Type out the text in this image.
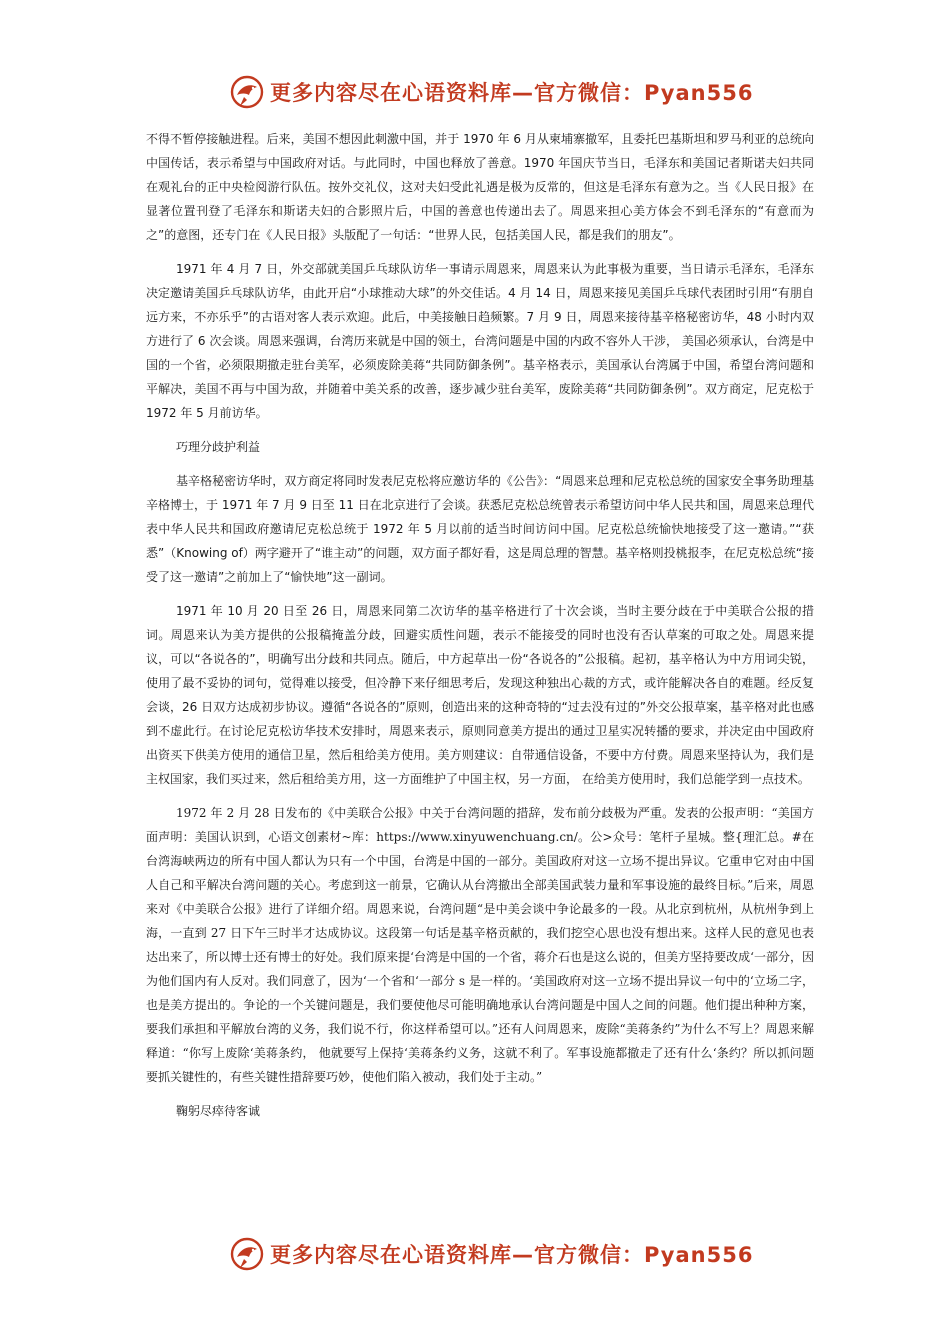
更多内容尽在心语资料库—官方微信：Pyan556

不得不暂停接触进程。后来，美国不想因此刺激中国，并于 1970 年 6 月从柬埔寨撤军，且委托巴基斯坦和罗马利亚的总统向中国传话，表示希望与中国政府对话。与此同时，中国也释放了善意。1970 年国庆节当日，毛泽东和美国记者斯诺夫妇共同在观礼台的正中央检阅游行队伍。按外交礼仪，这对夫妇受此礼遇是极为反常的，但这是毛泽东有意为之。当《人民日报》在显著位置刊登了毛泽东和斯诺夫妇的合影照片后，中国的善意也传递出去了。周恩来担心美方体会不到毛泽东的“有意而为之”的意图，还专门在《人民日报》头版配了一句话：“世界人民，包括美国人民，都是我们的朋友”。

1971 年 4 月 7 日，外交部就美国乒乓球队访华一事请示周恩来，周恩来认为此事极为重要，当日请示毛泽东，毛泽东决定邀请美国乒乓球队访华，由此开启“小球推动大球”的外交佳话。4 月 14 日，周恩来接见美国乒乓球代表团时引用“有朋自远方来，不亦乐乎”的古语对客人表示欢迎。此后，中美接触日趋频繁。7 月 9 日，周恩来接待基辛格秘密访华，48 小时内双方进行了 6 次会谈。周恩来强调，台湾历来就是中国的领土，台湾问题是中国的内政不容外人干涉， 美国必须承认，台湾是中国的一个省，必须限期撤走驻台美军，必须废除美蒋“共同防御条例”。基辛格表示，美国承认台湾属于中国，希望台湾问题和平解决，美国不再与中国为敌，并随着中美关系的改善，逐步减少驻台美军，废除美蒋“共同防御条例”。双方商定，尼克松于 1972 年 5 月前访华。

巧理分歧护利益

基辛格秘密访华时，双方商定将同时发表尼克松将应邀访华的《公告》：“周恩来总理和尼克松总统的国家安全事务助理基辛格博士，于 1971 年 7 月 9 日至 11 日在北京进行了会谈。获悉尼克松总统曾表示希望访问中华人民共和国，周恩来总理代表中华人民共和国政府邀请尼克松总统于 1972 年 5 月以前的适当时间访问中国。尼克松总统愉快地接受了这一邀请。”“获悉”（Knowing of）两字避开了“谁主动”的问题，双方面子都好看，这是周总理的智慧。基辛格则投桃报李，在尼克松总统“接受了这一邀请”之前加上了“愉快地”这一副词。

1971 年 10 月 20 日至 26 日，周恩来同第二次访华的基辛格进行了十次会谈，当时主要分歧在于中美联合公报的措词。周恩来认为美方提供的公报稿掩盖分歧，回避实质性问题，表示不能接受的同时也没有否认草案的可取之处。周恩来提议，可以“各说各的”，明确写出分歧和共同点。随后，中方起草出一份“各说各的”公报稿。起初，基辛格认为中方用词尖锐，使用了最不妥协的词句，觉得难以接受，但冷静下来仔细思考后，发现这种独出心裁的方式，或许能解决各自的难题。经反复会谈，26 日双方达成初步协议。遵循“各说各的”原则，创造出来的这种奇特的“过去没有过的”外交公报草案，基辛格对此也感到不虚此行。在讨论尼克松访华技术安排时，周恩来表示，原则同意美方提出的通过卫星实况转播的要求，并决定由中国政府出资买下供美方使用的通信卫星，然后租给美方使用。美方则建议：自带通信设备，不要中方付费。周恩来坚持认为，我们是主权国家，我们买过来，然后租给美方用，这一方面维护了中国主权，另一方面， 在给美方使用时，我们总能学到一点技术。

1972 年 2 月 28 日发布的《中美联合公报》中关于台湾问题的措辞，发布前分歧极为严重。发表的公报声明：“美国方面声明：美国认识到，心语文创素材~库：https://www.xinyuwenchuang.cn/。公>众号：笔杆子星城。整{理汇总。#在台湾海峡两边的所有中国人都认为只有一个中国，台湾是中国的一部分。美国政府对这一立场不提出异议。它重申它对由中国人自己和平解决台湾问题的关心。考虑到这一前景，它确认从台湾撤出全部美国武装力量和军事设施的最终目标。”后来，周恩来对《中美联合公报》进行了详细介绍。周恩来说，台湾问题“是中美会谈中争论最多的一段。从北京到杭州，从杭州争到上海，一直到 27 日下午三时半才达成协议。这段第一句话是基辛格贡献的，我们挖空心思也没有想出来。这样人民的意见也表达出来了，所以博士还有博士的好处。我们原来提‘台湾是中国的一个省，蒋介石也是这么说的，但美方坚持要改成‘一部分，因为他们国内有人反对。我们同意了，因为‘一个省和‘一部分 s 是一样的。‘美国政府对这一立场不提出异议一句中的‘立场二字，也是美方提出的。争论的一个关键问题是，我们要使他尽可能明确地承认台湾问题是中国人之间的问题。他们提出种种方案，要我们承担和平解放台湾的义务，我们说不行，你这样希望可以。”还有人问周恩来，废除“美蒋条约”为什么不写上？周恩来解释道：“你写上废除‘美蒋条约， 他就要写上保持‘美蒋条约义务，这就不利了。军事设施都撤走了还有什么‘条约？所以抓问题要抓关键性的，有些关键性措辞要巧妙，使他们陷入被动，我们处于主动。”

鞠躬尽瘁待客诚

更多内容尽在心语资料库—官方微信：Pyan556
